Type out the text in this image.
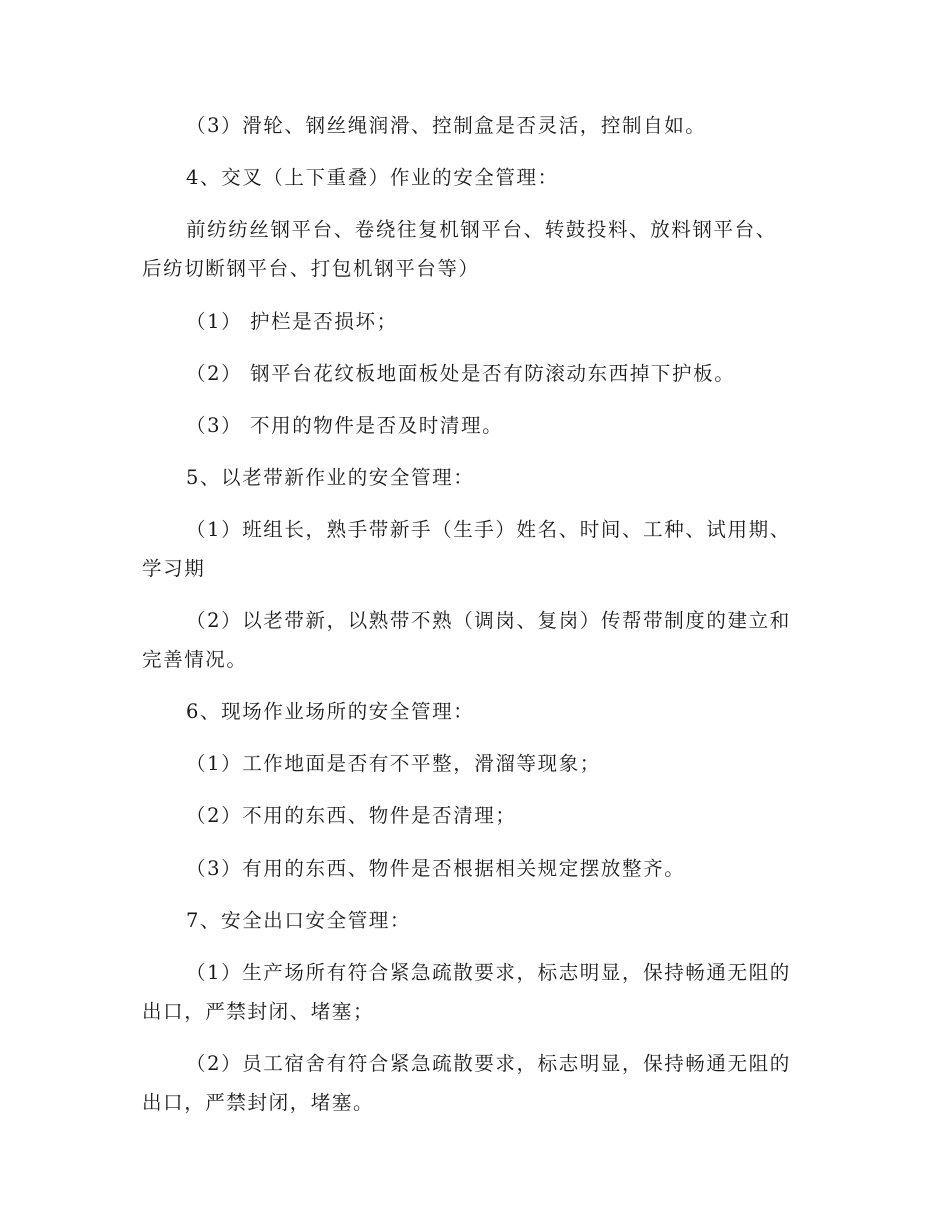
（3）滑轮、钢丝绳润滑、控制盒是否灵活，控制自如。
4、交叉（上下重叠）作业的安全管理：
前纺纺丝钢平台、卷绕往复机钢平台、转鼓投料、放料钢平台、
后纺切断钢平台、打包机钢平台等）
（1） 护栏是否损坏；
（2） 钢平台花纹板地面板处是否有防滚动东西掉下护板。
（3） 不用的物件是否及时清理。
5、以老带新作业的安全管理：
（1）班组长，熟手带新手（生手）姓名、时间、工种、试用期、
学习期
（2）以老带新，以熟带不熟（调岗、复岗）传帮带制度的建立和
完善情况。
6、现场作业场所的安全管理：
（1）工作地面是否有不平整，滑溜等现象；
（2）不用的东西、物件是否清理；
（3）有用的东西、物件是否根据相关规定摆放整齐。
7、安全出口安全管理：
（1）生产场所有符合紧急疏散要求，标志明显，保持畅通无阻的
出口，严禁封闭、堵塞；
（2）员工宿舍有符合紧急疏散要求，标志明显，保持畅通无阻的
出口，严禁封闭，堵塞。
